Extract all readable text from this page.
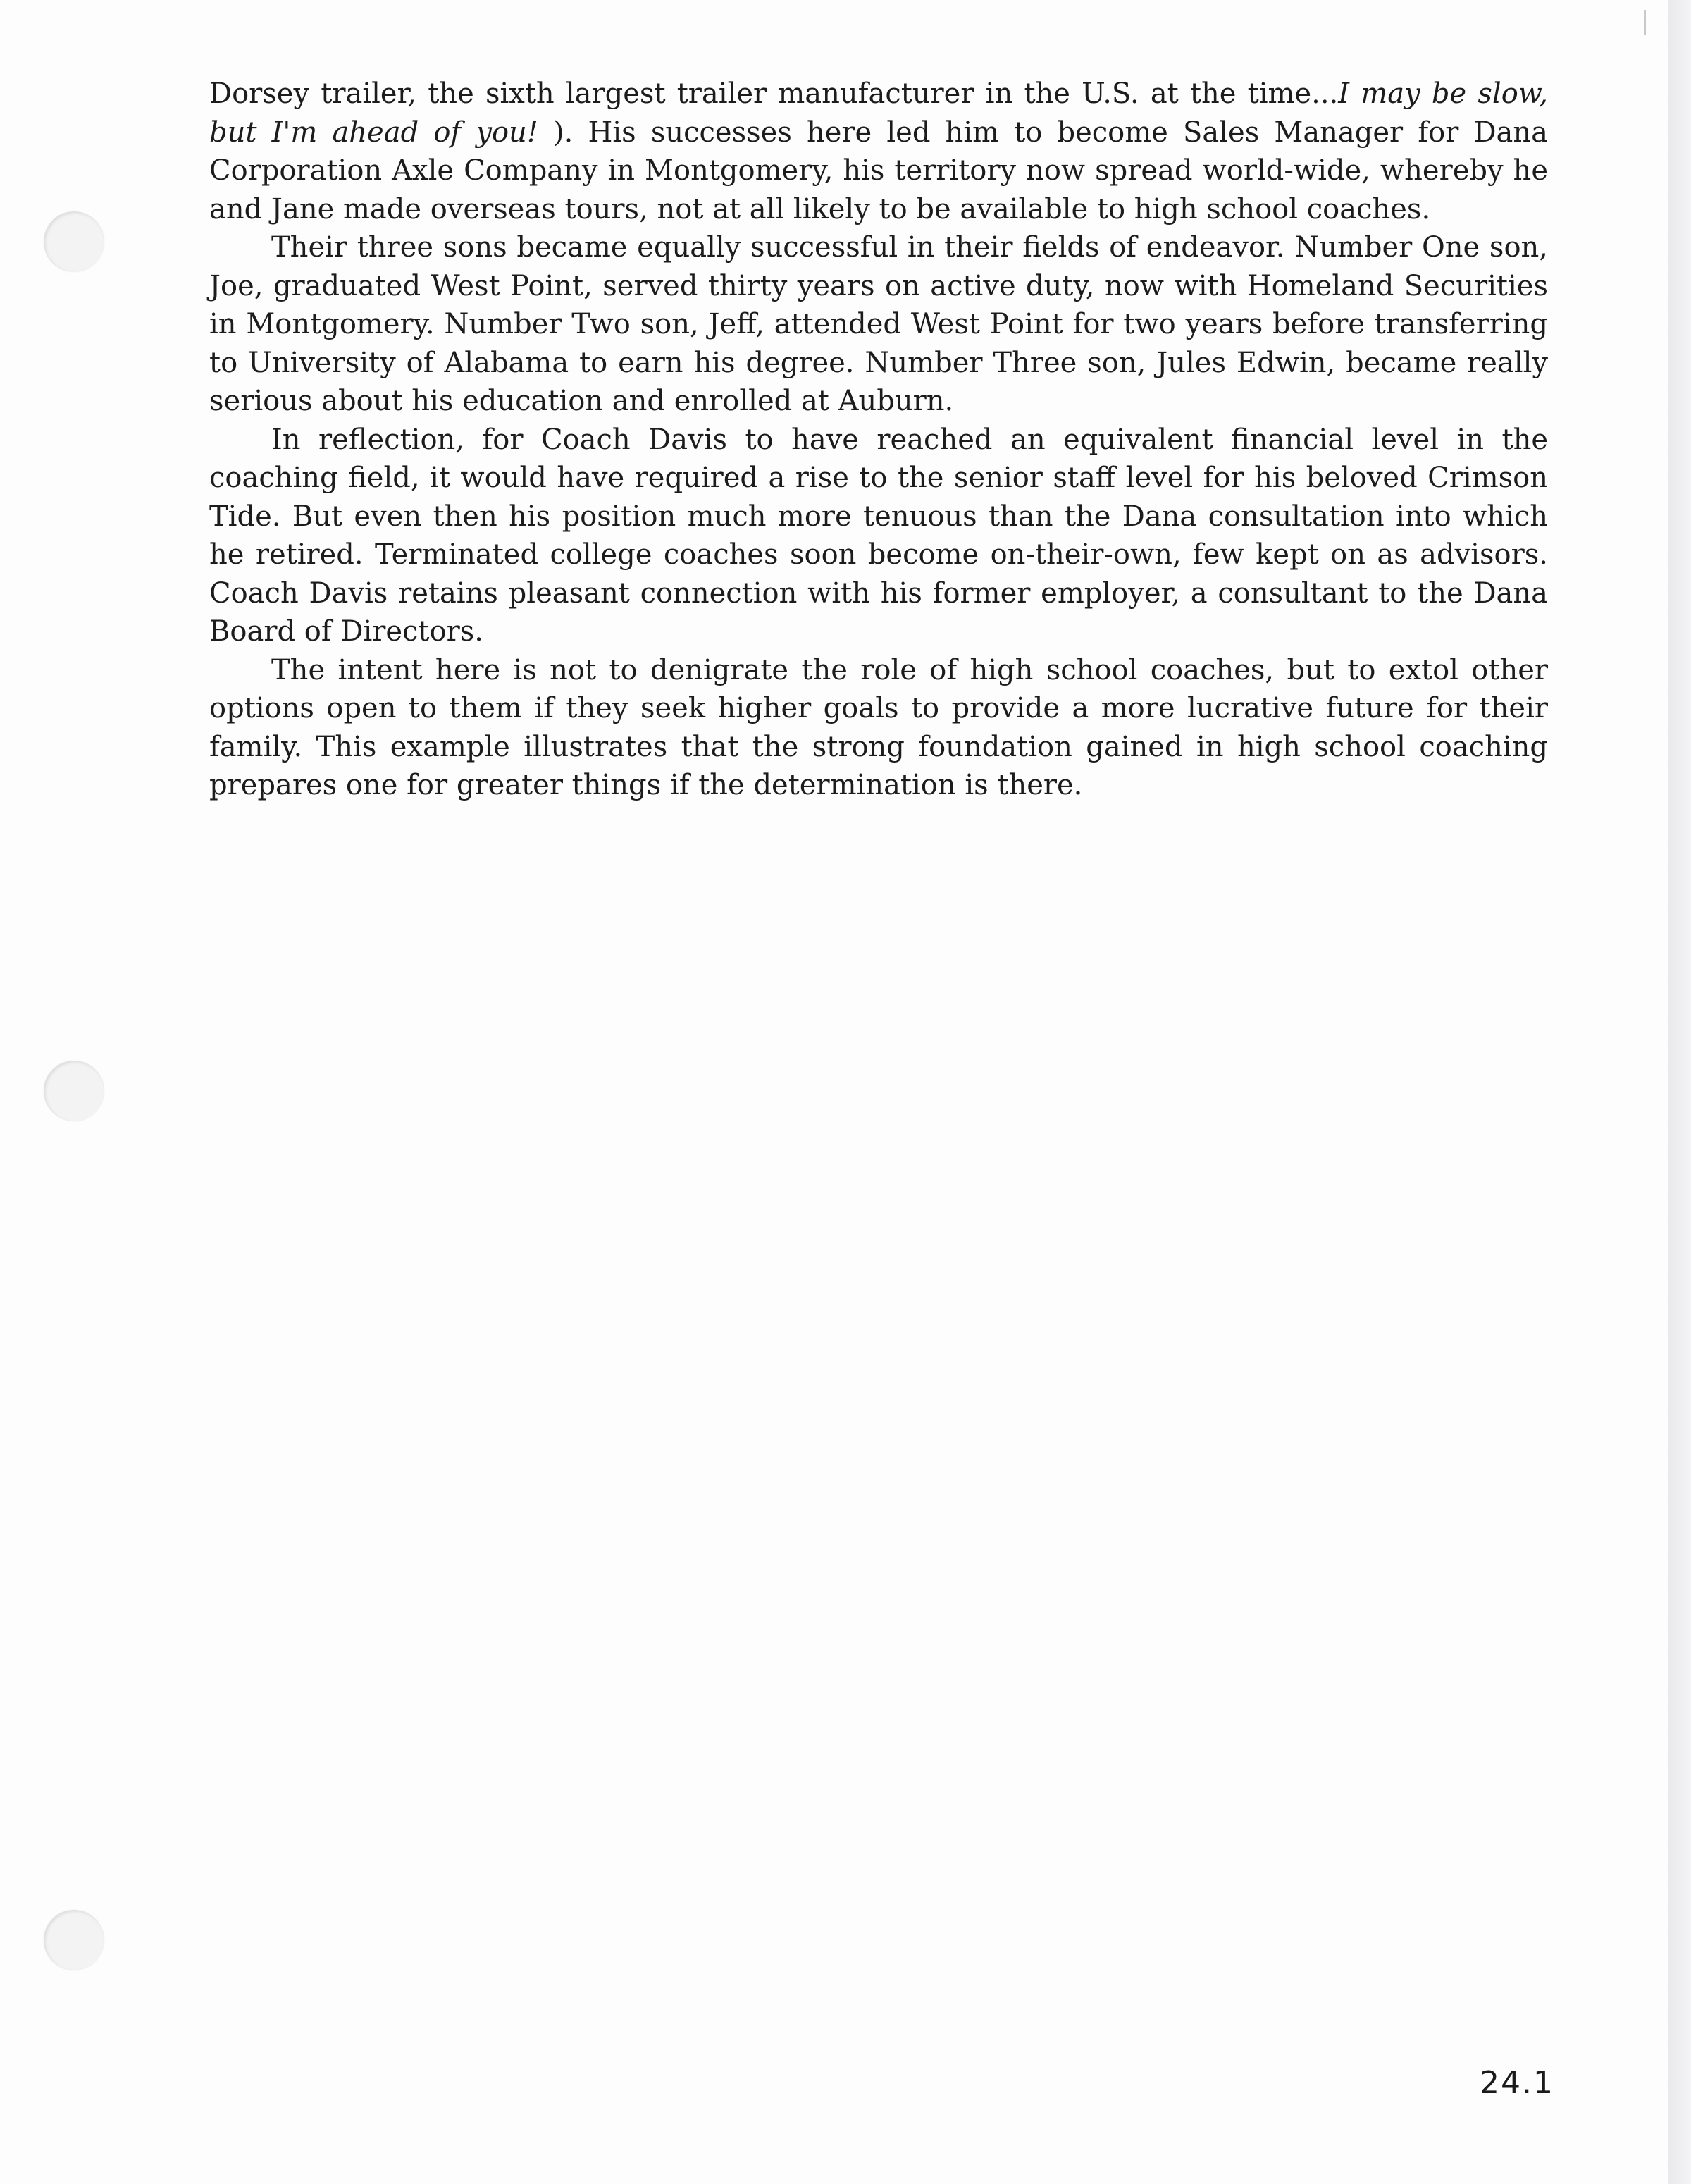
Dorsey trailer, the sixth largest trailer manufacturer in the U.S. at the time...I may be slow, but I'm ahead of you! ). His successes here led him to become Sales Manager for Dana Corporation Axle Company in Montgomery, his territory now spread world-wide, whereby he and Jane made overseas tours, not at all likely to be available to high school coaches.

Their three sons became equally successful in their fields of endeavor. Number One son, Joe, graduated West Point, served thirty years on active duty, now with Homeland Securities in Montgomery. Number Two son, Jeff, attended West Point for two years before transferring to University of Alabama to earn his degree. Number Three son, Jules Edwin, became really serious about his education and enrolled at Auburn.

In reflection, for Coach Davis to have reached an equivalent financial level in the coaching field, it would have required a rise to the senior staff level for his beloved Crimson Tide. But even then his position much more tenuous than the Dana consultation into which he retired. Terminated college coaches soon become on-their-own, few kept on as advisors. Coach Davis retains pleasant connection with his former employer, a consultant to the Dana Board of Directors.

The intent here is not to denigrate the role of high school coaches, but to extol other options open to them if they seek higher goals to provide a more lucrative future for their family. This example illustrates that the strong foundation gained in high school coaching prepares one for greater things if the determination is there.

24.1
